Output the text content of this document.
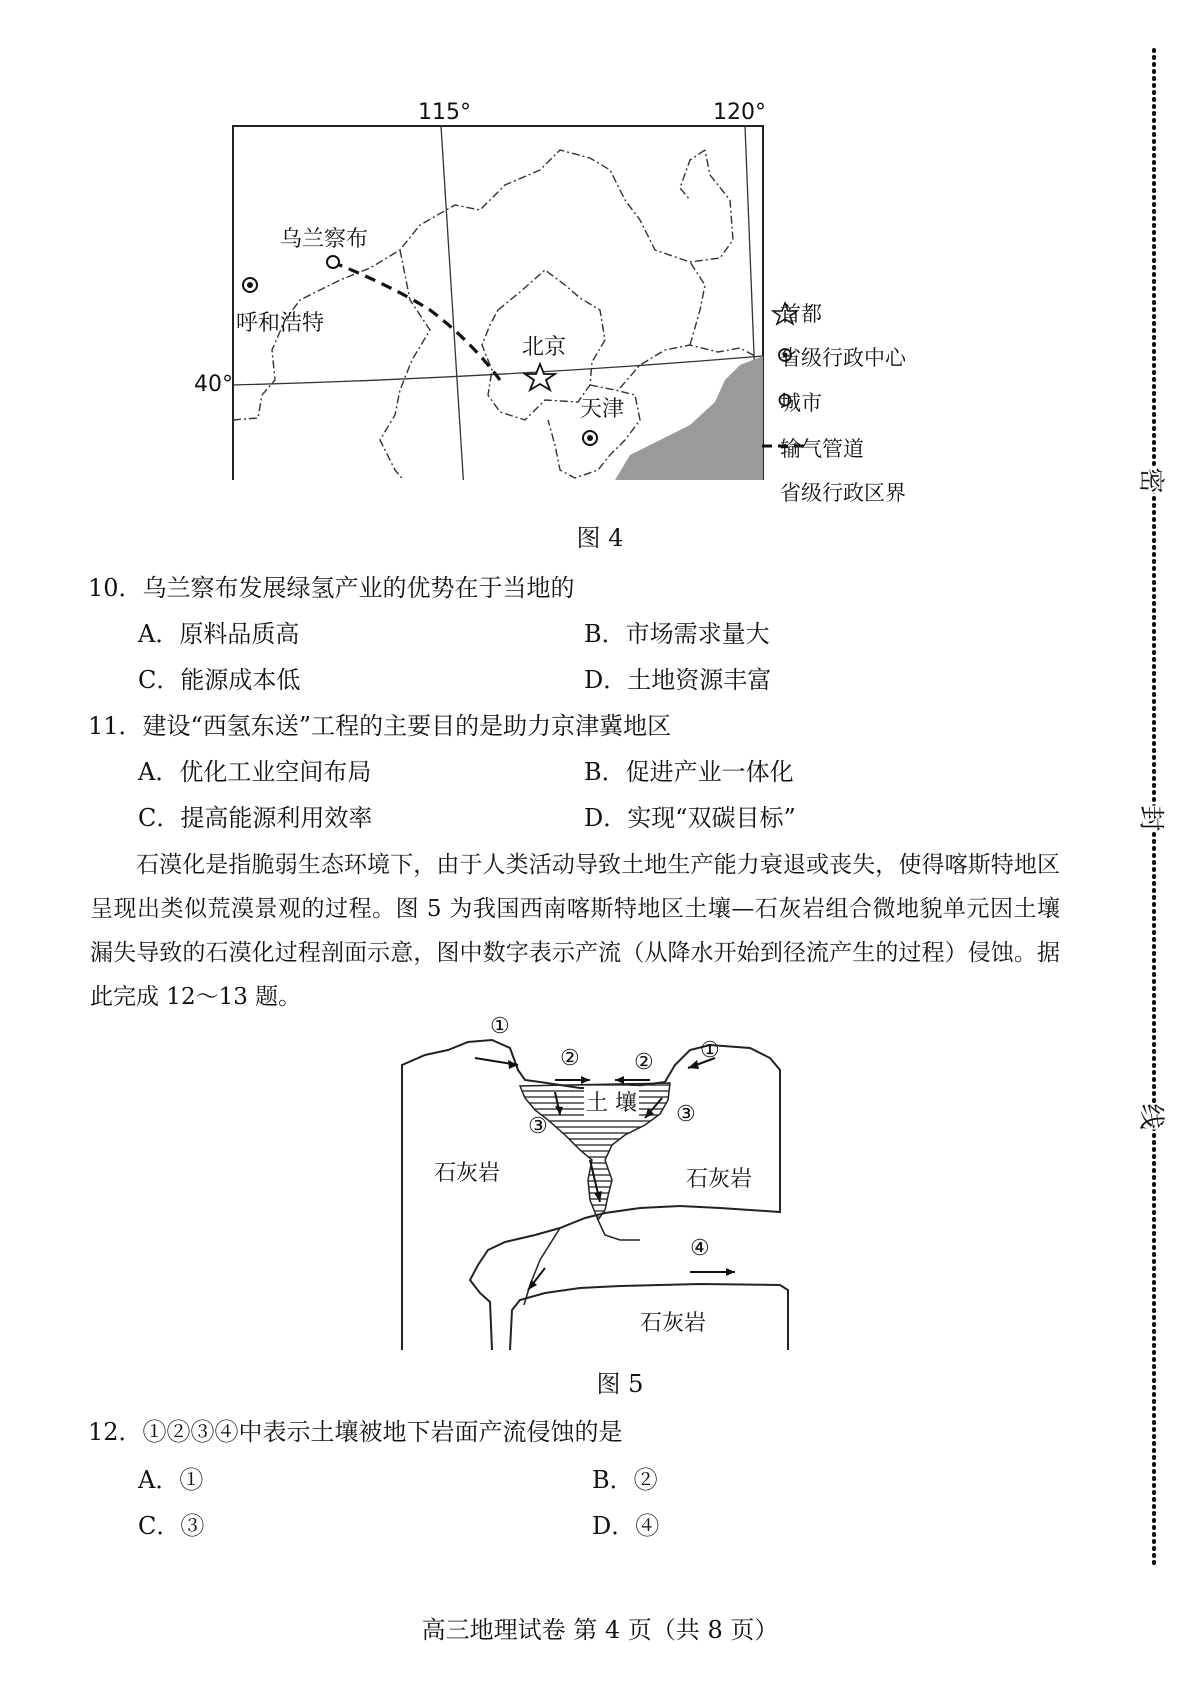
115°	120°
40°
乌兰察布
呼和浩特
北京
天津
首都
省级行政中心
城市
输气管道
省级行政区界
图 4
10．乌兰察布发展绿氢产业的优势在于当地的
A．原料品质高	B．市场需求量大
C．能源成本低	D．土地资源丰富
11．建设“西氢东送”工程的主要目的是助力京津冀地区
A．优化工业空间布局	B．促进产业一体化
C．提高能源利用效率	D．实现“双碳目标”
石漠化是指脆弱生态环境下，由于人类活动导致土地生产能力衰退或丧失，使得喀斯特地区呈现出类似荒漠景观的过程。图 5 为我国西南喀斯特地区土壤—石灰岩组合微地貌单元因土壤漏失导致的石漠化过程剖面示意，图中数字表示产流（从降水开始到径流产生的过程）侵蚀。据此完成 12～13 题。
①
①
② ②
③	③
④
土 壤
石灰岩	石灰岩
石灰岩
图 5
12．①②③④中表示土壤被地下岩面产流侵蚀的是
A．①	B．②
C．③	D．④
高三地理试卷 第 4 页（共 8 页）
密
封
线
